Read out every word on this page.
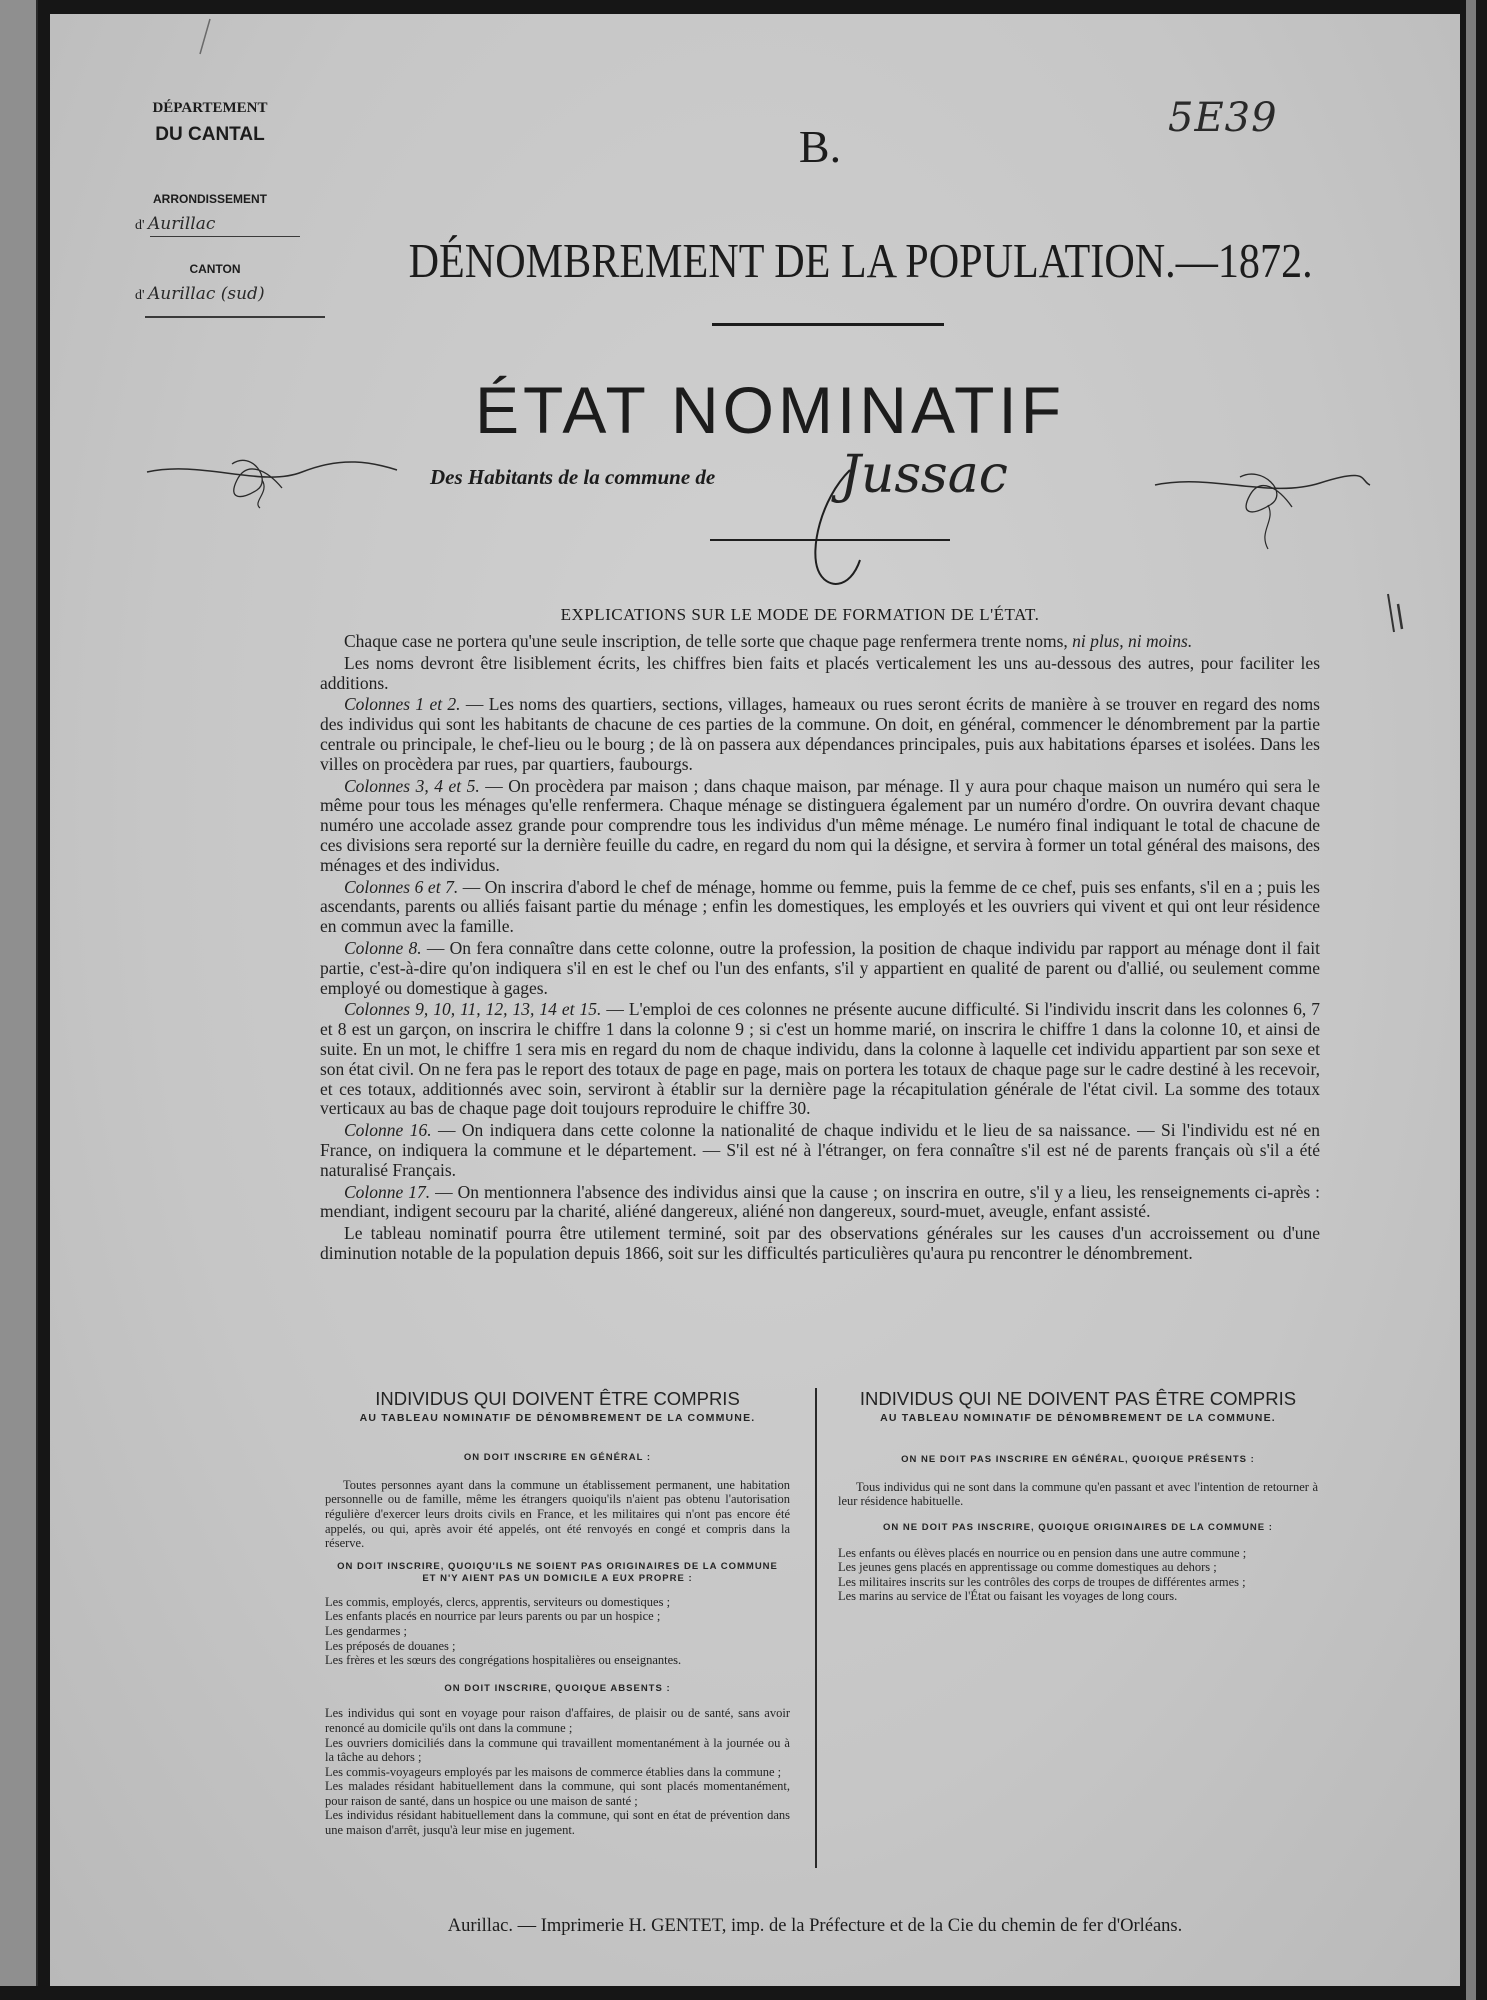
DÉPARTEMENT
DU CANTAL
ARRONDISSEMENT
d' Aurillac
CANTON
d' Aurillac (sud)
B.
5E39
DÉNOMBREMENT DE LA POPULATION.—1872.
ÉTAT NOMINATIF
Des Habitants de la commune de Jussac
EXPLICATIONS SUR LE MODE DE FORMATION DE L'ÉTAT.

Chaque case ne portera qu'une seule inscription, de telle sorte que chaque page renfermera trente noms, ni plus, ni moins.

Les noms devront être lisiblement écrits, les chiffres bien faits et placés verticalement les uns au-dessous des autres, pour faciliter les additions.

Colonnes 1 et 2. — Les noms des quartiers, sections, villages, hameaux ou rues seront écrits de manière à se trouver en regard des noms des individus qui sont les habitants de chacune de ces parties de la commune. On doit, en général, commencer le dénombrement par la partie centrale ou principale, le chef-lieu ou le bourg ; de là on passera aux dépendances principales, puis aux habitations éparses et isolées. Dans les villes on procèdera par rues, par quartiers, faubourgs.

Colonnes 3, 4 et 5. — On procèdera par maison ; dans chaque maison, par ménage. Il y aura pour chaque maison un numéro qui sera le même pour tous les ménages qu'elle renfermera. Chaque ménage se distinguera également par un numéro d'ordre. On ouvrira devant chaque numéro une accolade assez grande pour comprendre tous les individus d'un même ménage. Le numéro final indiquant le total de chacune de ces divisions sera reporté sur la dernière feuille du cadre, en regard du nom qui la désigne, et servira à former un total général des maisons, des ménages et des individus.

Colonnes 6 et 7. — On inscrira d'abord le chef de ménage, homme ou femme, puis la femme de ce chef, puis ses enfants, s'il en a ; puis les ascendants, parents ou alliés faisant partie du ménage ; enfin les domestiques, les employés et les ouvriers qui vivent et qui ont leur résidence en commun avec la famille.

Colonne 8. — On fera connaître dans cette colonne, outre la profession, la position de chaque individu par rapport au ménage dont il fait partie, c'est-à-dire qu'on indiquera s'il en est le chef ou l'un des enfants, s'il y appartient en qualité de parent ou d'allié, ou seulement comme employé ou domestique à gages.

Colonnes 9, 10, 11, 12, 13, 14 et 15. — L'emploi de ces colonnes ne présente aucune difficulté. Si l'individu inscrit dans les colonnes 6, 7 et 8 est un garçon, on inscrira le chiffre 1 dans la colonne 9 ; si c'est un homme marié, on inscrira le chiffre 1 dans la colonne 10, et ainsi de suite. En un mot, le chiffre 1 sera mis en regard du nom de chaque individu, dans la colonne à laquelle cet individu appartient par son sexe et son état civil. On ne fera pas le report des totaux de page en page, mais on portera les totaux de chaque page sur le cadre destiné à les recevoir, et ces totaux, additionnés avec soin, serviront à établir sur la dernière page la récapitulation générale de l'état civil. La somme des totaux verticaux au bas de chaque page doit toujours reproduire le chiffre 30.

Colonne 16. — On indiquera dans cette colonne la nationalité de chaque individu et le lieu de sa naissance. — Si l'individu est né en France, on indiquera la commune et le département. — S'il est né à l'étranger, on fera connaître s'il est né de parents français où s'il a été naturalisé Français.

Colonne 17. — On mentionnera l'absence des individus ainsi que la cause ; on inscrira en outre, s'il y a lieu, les renseignements ci-après : mendiant, indigent secouru par la charité, aliéné dangereux, aliéné non dangereux, sourd-muet, aveugle, enfant assisté.

Le tableau nominatif pourra être utilement terminé, soit par des observations générales sur les causes d'un accroissement ou d'une diminution notable de la population depuis 1866, soit sur les difficultés particulières qu'aura pu rencontrer le dénombrement.

INDIVIDUS QUI DOIVENT ÊTRE COMPRIS
AU TABLEAU NOMINATIF DE DÉNOMBREMENT DE LA COMMUNE.
ON DOIT INSCRIRE EN GÉNÉRAL :
Toutes personnes ayant dans la commune un établissement permanent, une habitation personnelle ou de famille, même les étrangers quoiqu'ils n'aient pas obtenu l'autorisation régulière d'exercer leurs droits civils en France, et les militaires qui n'ont pas encore été appelés, ou qui, après avoir été appelés, ont été renvoyés en congé et compris dans la réserve.
ON DOIT INSCRIRE, QUOIQU'ILS NE SOIENT PAS ORIGINAIRES DE LA COMMUNE
ET N'Y AIENT PAS UN DOMICILE A EUX PROPRE :
Les commis, employés, clercs, apprentis, serviteurs ou domestiques ;
Les enfants placés en nourrice par leurs parents ou par un hospice ;
Les gendarmes ;
Les préposés de douanes ;
Les frères et les sœurs des congrégations hospitalières ou enseignantes.
ON DOIT INSCRIRE, QUOIQUE ABSENTS :
Les individus qui sont en voyage pour raison d'affaires, de plaisir ou de santé, sans avoir renoncé au domicile qu'ils ont dans la commune ;
Les ouvriers domiciliés dans la commune qui travaillent momentanément à la journée ou à la tâche au dehors ;
Les commis-voyageurs employés par les maisons de commerce établies dans la commune ;
Les malades résidant habituellement dans la commune, qui sont placés momentanément, pour raison de santé, dans un hospice ou une maison de santé ;
Les individus résidant habituellement dans la commune, qui sont en état de prévention dans une maison d'arrêt, jusqu'à leur mise en jugement.
INDIVIDUS QUI NE DOIVENT PAS ÊTRE COMPRIS
AU TABLEAU NOMINATIF DE DÉNOMBREMENT DE LA COMMUNE.
ON NE DOIT PAS INSCRIRE EN GÉNÉRAL, QUOIQUE PRÉSENTS :
Tous individus qui ne sont dans la commune qu'en passant et avec l'intention de retourner à leur résidence habituelle.
ON NE DOIT PAS INSCRIRE, QUOIQUE ORIGINAIRES DE LA COMMUNE :
Les enfants ou élèves placés en nourrice ou en pension dans une autre commune ;
Les jeunes gens placés en apprentissage ou comme domestiques au dehors ;
Les militaires inscrits sur les contrôles des corps de troupes de différentes armes ;
Les marins au service de l'État ou faisant les voyages de long cours.
Aurillac. — Imprimerie H. GENTET, imp. de la Préfecture et de la Cie du chemin de fer d'Orléans.
